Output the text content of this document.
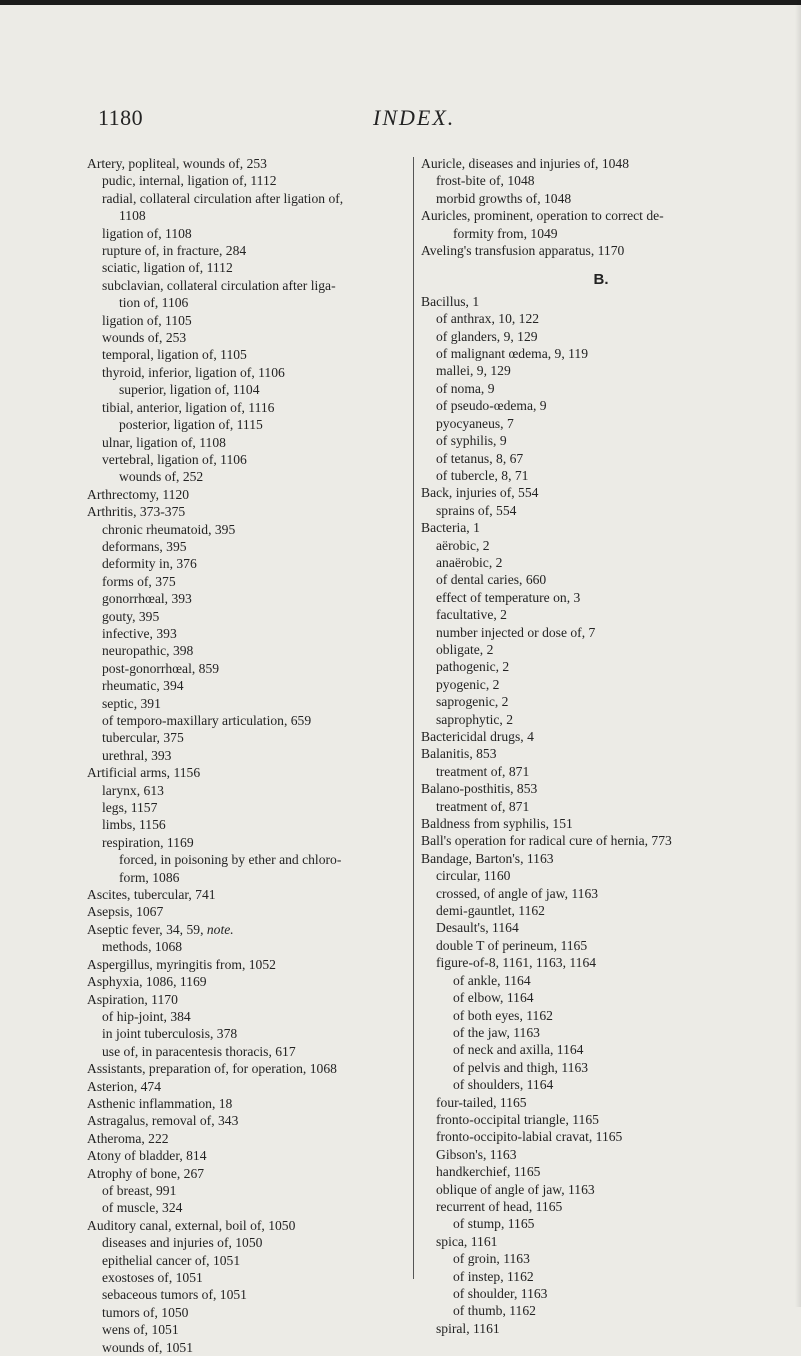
1180	INDEX.
Artery, popliteal, wounds of, 253
pudic, internal, ligation of, 1112
radial, collateral circulation after ligation of,
1108
ligation of, 1108
rupture of, in fracture, 284
sciatic, ligation of, 1112
subclavian, collateral circulation after liga-
tion of, 1106
ligation of, 1105
wounds of, 253
temporal, ligation of, 1105
thyroid, inferior, ligation of, 1106
superior, ligation of, 1104
tibial, anterior, ligation of, 1116
posterior, ligation of, 1115
ulnar, ligation of, 1108
vertebral, ligation of, 1106
wounds of, 252
Arthrectomy, 1120
Arthritis, 373-375
chronic rheumatoid, 395
deformans, 395
deformity in, 376
forms of, 375
gonorrhœal, 393
gouty, 395
infective, 393
neuropathic, 398
post-gonorrhœal, 859
rheumatic, 394
septic, 391
of temporo-maxillary articulation, 659
tubercular, 375
urethral, 393
Artificial arms, 1156
larynx, 613
legs, 1157
limbs, 1156
respiration, 1169
forced, in poisoning by ether and chloro-
form, 1086
Ascites, tubercular, 741
Asepsis, 1067
Aseptic fever, 34, 59, note.
methods, 1068
Aspergillus, myringitis from, 1052
Asphyxia, 1086, 1169
Aspiration, 1170
of hip-joint, 384
in joint tuberculosis, 378
use of, in paracentesis thoracis, 617
Assistants, preparation of, for operation, 1068
Asterion, 474
Asthenic inflammation, 18
Astragalus, removal of, 343
Atheroma, 222
Atony of bladder, 814
Atrophy of bone, 267
of breast, 991
of muscle, 324
Auditory canal, external, boil of, 1050
diseases and injuries of, 1050
epithelial cancer of, 1051
exostoses of, 1051
sebaceous tumors of, 1051
tumors of, 1050
wens of, 1051
wounds of, 1051
Auricle, diseases and injuries of, 1048
frost-bite of, 1048
morbid growths of, 1048
Auricles, prominent, operation to correct de-
formity from, 1049
Aveling's transfusion apparatus, 1170
B.
Bacillus, 1
of anthrax, 10, 122
of glanders, 9, 129
of malignant œdema, 9, 119
mallei, 9, 129
of noma, 9
of pseudo-œdema, 9
pyocyaneus, 7
of syphilis, 9
of tetanus, 8, 67
of tubercle, 8, 71
Back, injuries of, 554
sprains of, 554
Bacteria, 1
aërobic, 2
anaërobic, 2
of dental caries, 660
effect of temperature on, 3
facultative, 2
number injected or dose of, 7
obligate, 2
pathogenic, 2
pyogenic, 2
saprogenic, 2
saprophytic, 2
Bactericidal drugs, 4
Balanitis, 853
treatment of, 871
Balano-posthitis, 853
treatment of, 871
Baldness from syphilis, 151
Ball's operation for radical cure of hernia, 773
Bandage, Barton's, 1163
circular, 1160
crossed, of angle of jaw, 1163
demi-gauntlet, 1162
Desault's, 1164
double T of perineum, 1165
figure-of-8, 1161, 1163, 1164
of ankle, 1164
of elbow, 1164
of both eyes, 1162
of the jaw, 1163
of neck and axilla, 1164
of pelvis and thigh, 1163
of shoulders, 1164
four-tailed, 1165
fronto-occipital triangle, 1165
fronto-occipito-labial cravat, 1165
Gibson's, 1163
handkerchief, 1165
oblique of angle of jaw, 1163
recurrent of head, 1165
of stump, 1165
spica, 1161
of groin, 1163
of instep, 1162
of shoulder, 1163
of thumb, 1162
spiral, 1161
